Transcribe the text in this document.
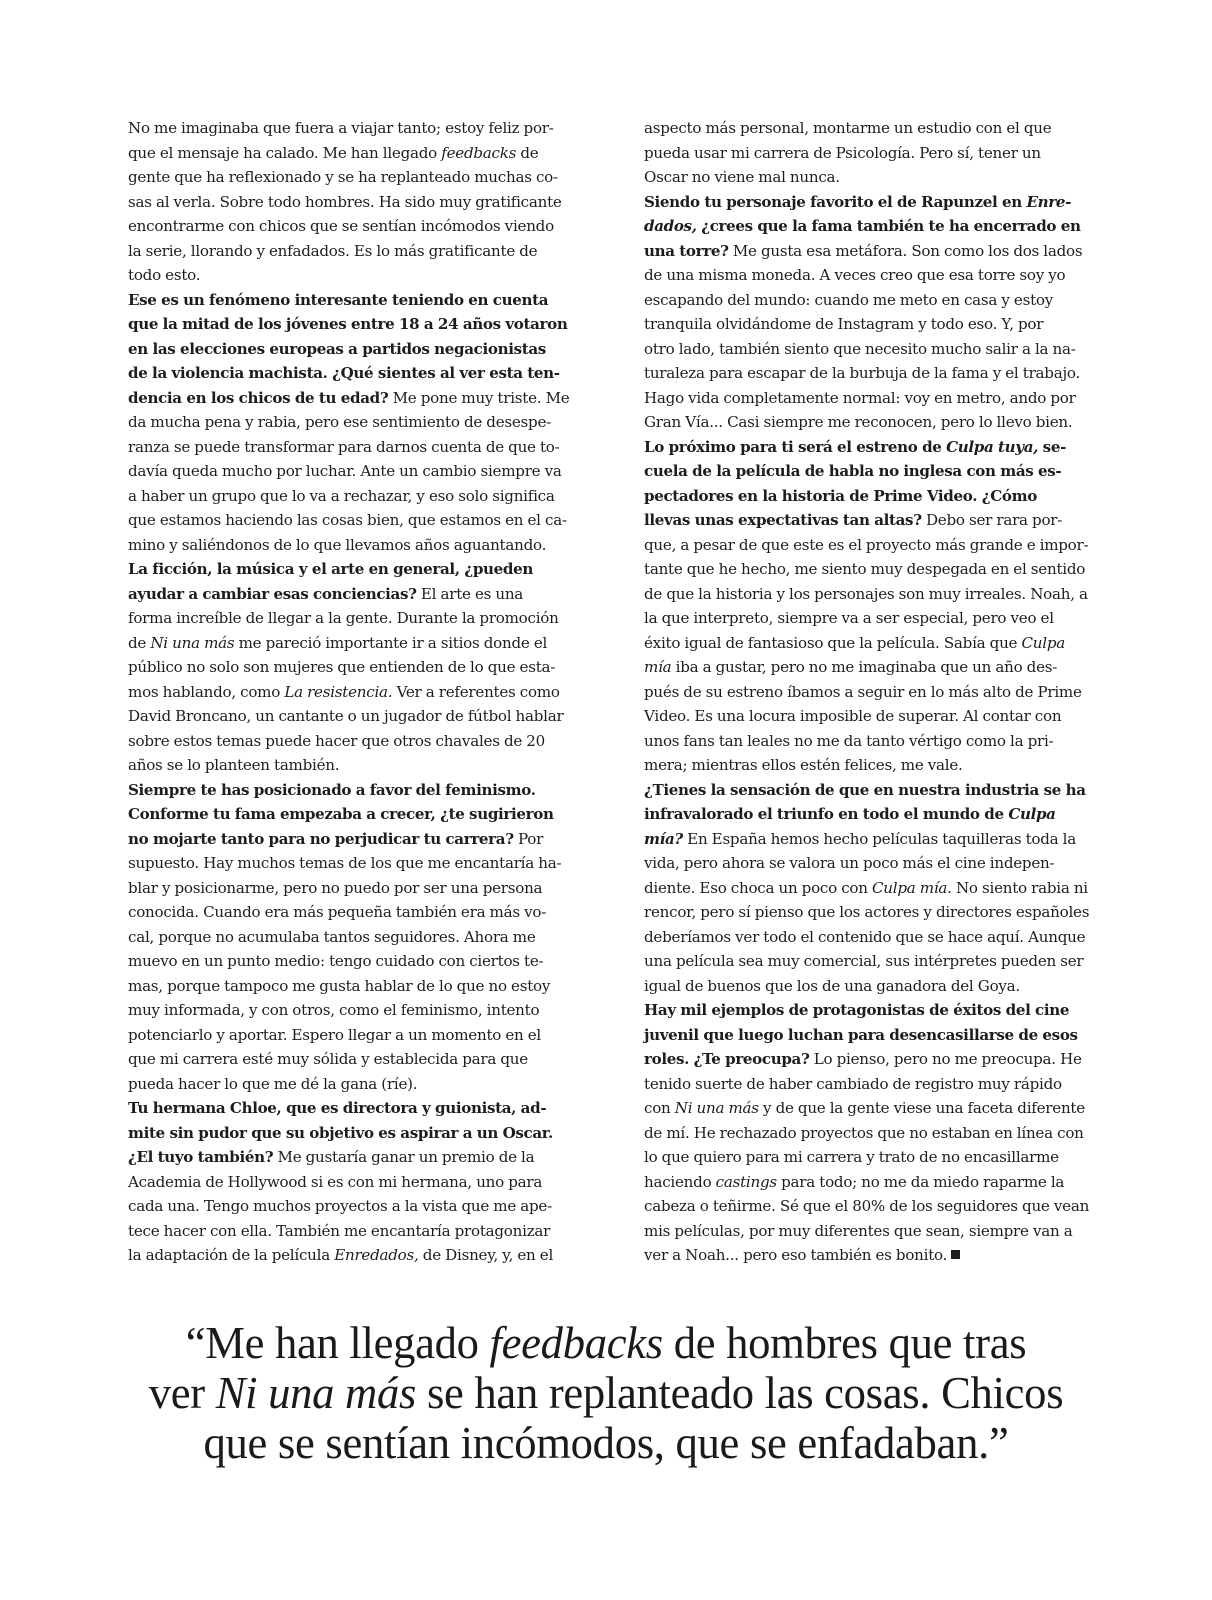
No me imaginaba que fuera a viajar tanto; estoy feliz por-
que el mensaje ha calado. Me han llegado feedbacks de
gente que ha reflexionado y se ha replanteado muchas co-
sas al verla. Sobre todo hombres. Ha sido muy gratificante
encontrarme con chicos que se sentían incómodos viendo
la serie, llorando y enfadados. Es lo más gratificante de
todo esto.
Ese es un fenómeno interesante teniendo en cuenta
que la mitad de los jóvenes entre 18 a 24 años votaron
en las elecciones europeas a partidos negacionistas
de la violencia machista. ¿Qué sientes al ver esta ten-
dencia en los chicos de tu edad? Me pone muy triste. Me
da mucha pena y rabia, pero ese sentimiento de desespe-
ranza se puede transformar para darnos cuenta de que to-
davía queda mucho por luchar. Ante un cambio siempre va
a haber un grupo que lo va a rechazar, y eso solo significa
que estamos haciendo las cosas bien, que estamos en el ca-
mino y saliéndonos de lo que llevamos años aguantando.
La ficción, la música y el arte en general, ¿pueden
ayudar a cambiar esas conciencias? El arte es una
forma increíble de llegar a la gente. Durante la promoción
de Ni una más me pareció importante ir a sitios donde el
público no solo son mujeres que entienden de lo que esta-
mos hablando, como La resistencia. Ver a referentes como
David Broncano, un cantante o un jugador de fútbol hablar
sobre estos temas puede hacer que otros chavales de 20
años se lo planteen también.
Siempre te has posicionado a favor del feminismo.
Conforme tu fama empezaba a crecer, ¿te sugirieron
no mojarte tanto para no perjudicar tu carrera? Por
supuesto. Hay muchos temas de los que me encantaría ha-
blar y posicionarme, pero no puedo por ser una persona
conocida. Cuando era más pequeña también era más vo-
cal, porque no acumulaba tantos seguidores. Ahora me
muevo en un punto medio: tengo cuidado con ciertos te-
mas, porque tampoco me gusta hablar de lo que no estoy
muy informada, y con otros, como el feminismo, intento
potenciarlo y aportar. Espero llegar a un momento en el
que mi carrera esté muy sólida y establecida para que
pueda hacer lo que me dé la gana (ríe).
Tu hermana Chloe, que es directora y guionista, ad-
mite sin pudor que su objetivo es aspirar a un Oscar.
¿El tuyo también? Me gustaría ganar un premio de la
Academia de Hollywood si es con mi hermana, uno para
cada una. Tengo muchos proyectos a la vista que me ape-
tece hacer con ella. También me encantaría protagonizar
la adaptación de la película Enredados, de Disney, y, en el
aspecto más personal, montarme un estudio con el que
pueda usar mi carrera de Psicología. Pero sí, tener un
Oscar no viene mal nunca.
Siendo tu personaje favorito el de Rapunzel en Enre-
dados, ¿crees que la fama también te ha encerrado en
una torre? Me gusta esa metáfora. Son como los dos lados
de una misma moneda. A veces creo que esa torre soy yo
escapando del mundo: cuando me meto en casa y estoy
tranquila olvidándome de Instagram y todo eso. Y, por
otro lado, también siento que necesito mucho salir a la na-
turaleza para escapar de la burbuja de la fama y el trabajo.
Hago vida completamente normal: voy en metro, ando por
Gran Vía... Casi siempre me reconocen, pero lo llevo bien.
Lo próximo para ti será el estreno de Culpa tuya, se-
cuela de la película de habla no inglesa con más es-
pectadores en la historia de Prime Video. ¿Cómo
llevas unas expectativas tan altas? Debo ser rara por-
que, a pesar de que este es el proyecto más grande e impor-
tante que he hecho, me siento muy despegada en el sentido
de que la historia y los personajes son muy irreales. Noah, a
la que interpreto, siempre va a ser especial, pero veo el
éxito igual de fantasioso que la película. Sabía que Culpa
mía iba a gustar, pero no me imaginaba que un año des-
pués de su estreno íbamos a seguir en lo más alto de Prime
Video. Es una locura imposible de superar. Al contar con
unos fans tan leales no me da tanto vértigo como la pri-
mera; mientras ellos estén felices, me vale.
¿Tienes la sensación de que en nuestra industria se ha
infravalorado el triunfo en todo el mundo de Culpa
mía? En España hemos hecho películas taquilleras toda la
vida, pero ahora se valora un poco más el cine indepen-
diente. Eso choca un poco con Culpa mía. No siento rabia ni
rencor, pero sí pienso que los actores y directores españoles
deberíamos ver todo el contenido que se hace aquí. Aunque
una película sea muy comercial, sus intérpretes pueden ser
igual de buenos que los de una ganadora del Goya.
Hay mil ejemplos de protagonistas de éxitos del cine
juvenil que luego luchan para desencasillarse de esos
roles. ¿Te preocupa? Lo pienso, pero no me preocupa. He
tenido suerte de haber cambiado de registro muy rápido
con Ni una más y de que la gente viese una faceta diferente
de mí. He rechazado proyectos que no estaban en línea con
lo que quiero para mi carrera y trato de no encasillarme
haciendo castings para todo; no me da miedo raparme la
cabeza o teñirme. Sé que el 80% de los seguidores que vean
mis películas, por muy diferentes que sean, siempre van a
ver a Noah... pero eso también es bonito.
“Me han llegado feedbacks de hombres que tras
ver Ni una más se han replanteado las cosas. Chicos
que se sentían incómodos, que se enfadaban.”
